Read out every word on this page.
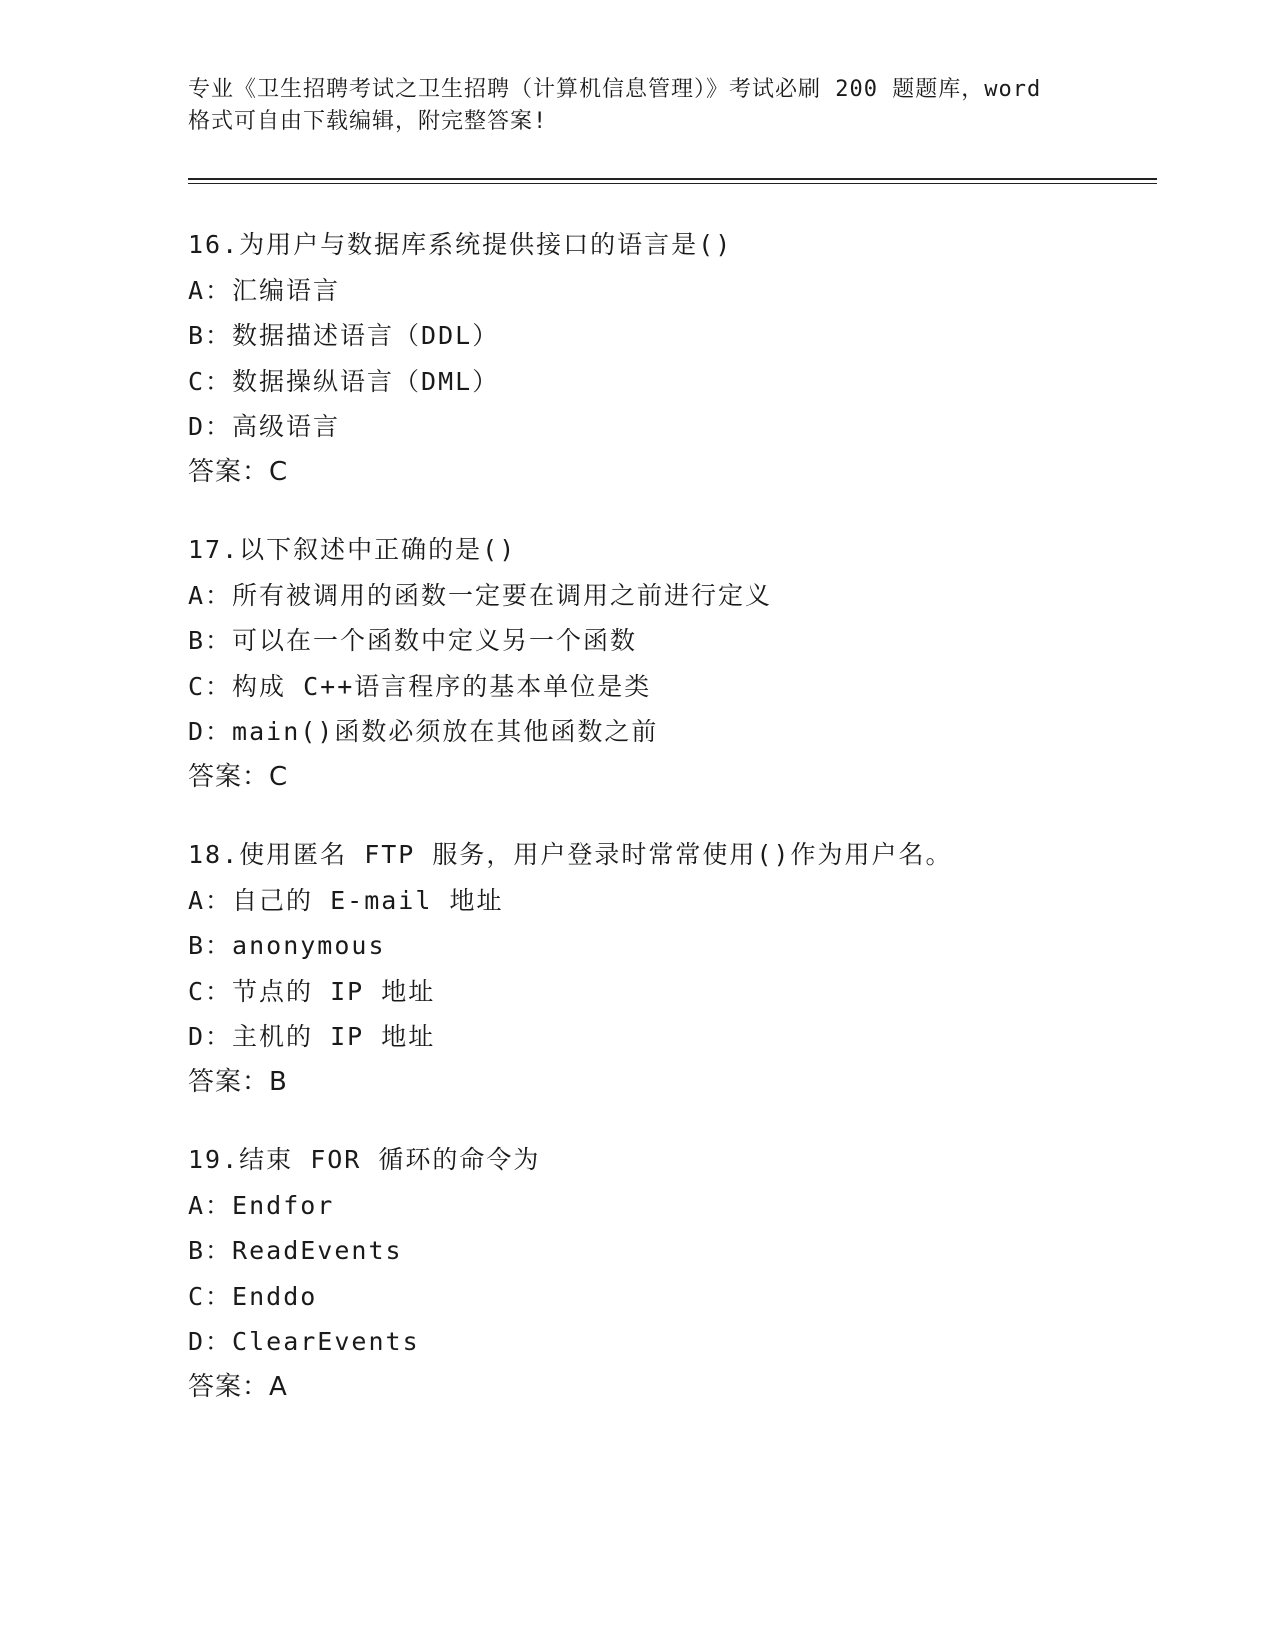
专业《卫生招聘考试之卫生招聘（计算机信息管理）》考试必刷 200 题题库，word
格式可自由下载编辑，附完整答案!
16.为用户与数据库系统提供接口的语言是()
A：汇编语言
B：数据描述语言（DDL）
C：数据操纵语言（DML）
D：高级语言
答案：C
17.以下叙述中正确的是()
A：所有被调用的函数一定要在调用之前进行定义
B：可以在一个函数中定义另一个函数
C：构成 C++语言程序的基本单位是类
D：main()函数必须放在其他函数之前
答案：C
18.使用匿名 FTP 服务，用户登录时常常使用()作为用户名。
A：自己的 E-mail 地址
B：anonymous
C：节点的 IP 地址
D：主机的 IP 地址
答案：B
19.结束 FOR 循环的命令为
A：Endfor
B：ReadEvents
C：Enddo
D：ClearEvents
答案：A
